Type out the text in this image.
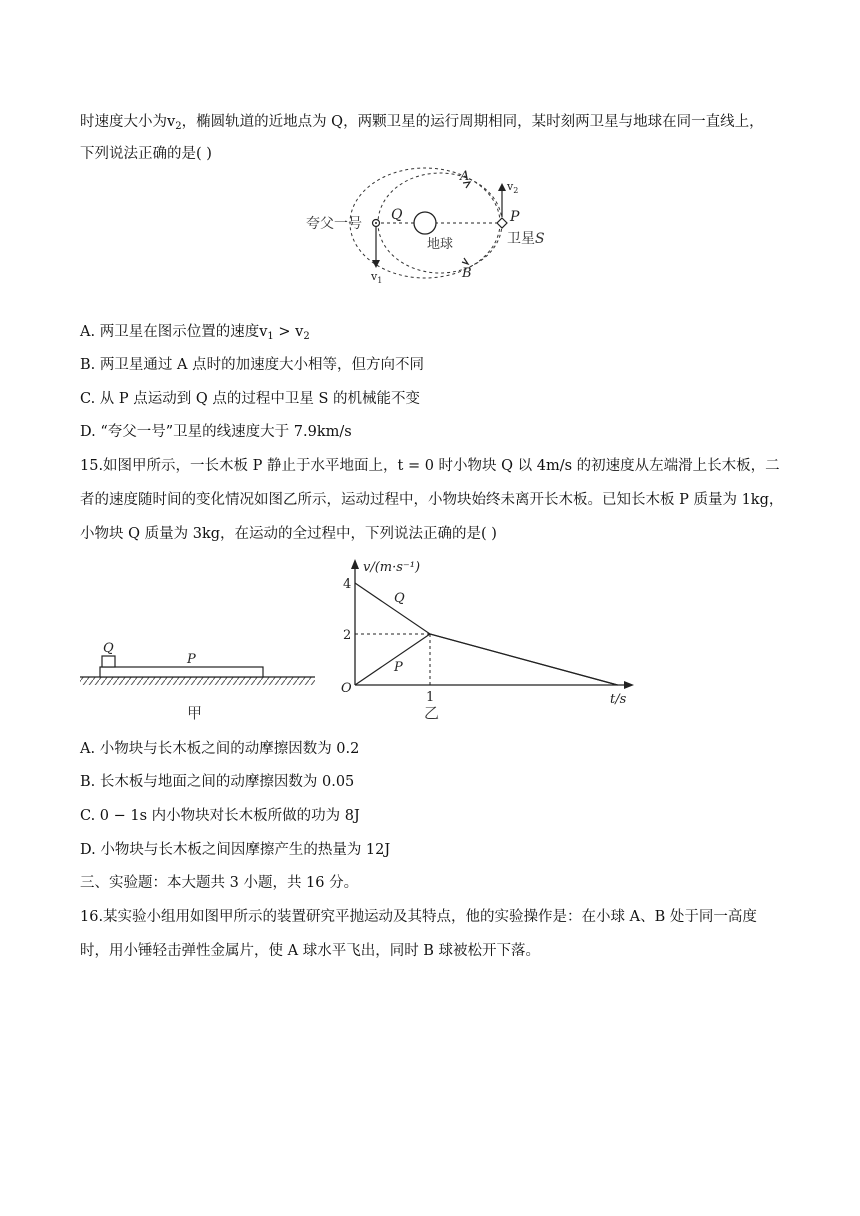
时速度大小为$v_2$，椭圆轨道的近地点为 Q，两颗卫星的运行周期相同，某时刻两卫星与地球在同一直线上，
下列说法正确的是( )
夸父一号
Q
地球
A
B
P
卫星S
$v_1$
$v_2$
A. 两卫星在图示位置的速度$v_1 > v_2$
B. 两卫星通过 A 点时的加速度大小相等，但方向不同
C. 从 P 点运动到 Q 点的过程中卫星 S 的机械能不变
D. “夸父一号”卫星的线速度大于 7.9km/s
15.如图甲所示，一长木板 P 静止于水平地面上，t = 0 时小物块 Q 以 4m/s 的初速度从左端滑上长木板，二
者的速度随时间的变化情况如图乙所示，运动过程中，小物块始终未离开长木板。已知长木板 P 质量为 1kg，
小物块 Q 质量为 3kg，在运动的全过程中，下列说法正确的是( )
Q
P
甲
v/(m·s⁻¹)
t/s
O
乙
4
2
1
Q
P
A. 小物块与长木板之间的动摩擦因数为 0.2
B. 长木板与地面之间的动摩擦因数为 0.05
C. 0 − 1s 内小物块对长木板所做的功为 8J
D. 小物块与长木板之间因摩擦产生的热量为 12J
三、实验题：本大题共 3 小题，共 16 分。
16.某实验小组用如图甲所示的装置研究平抛运动及其特点，他的实验操作是：在小球 A、B 处于同一高度
时，用小锤轻击弹性金属片，使 A 球水平飞出，同时 B 球被松开下落。
